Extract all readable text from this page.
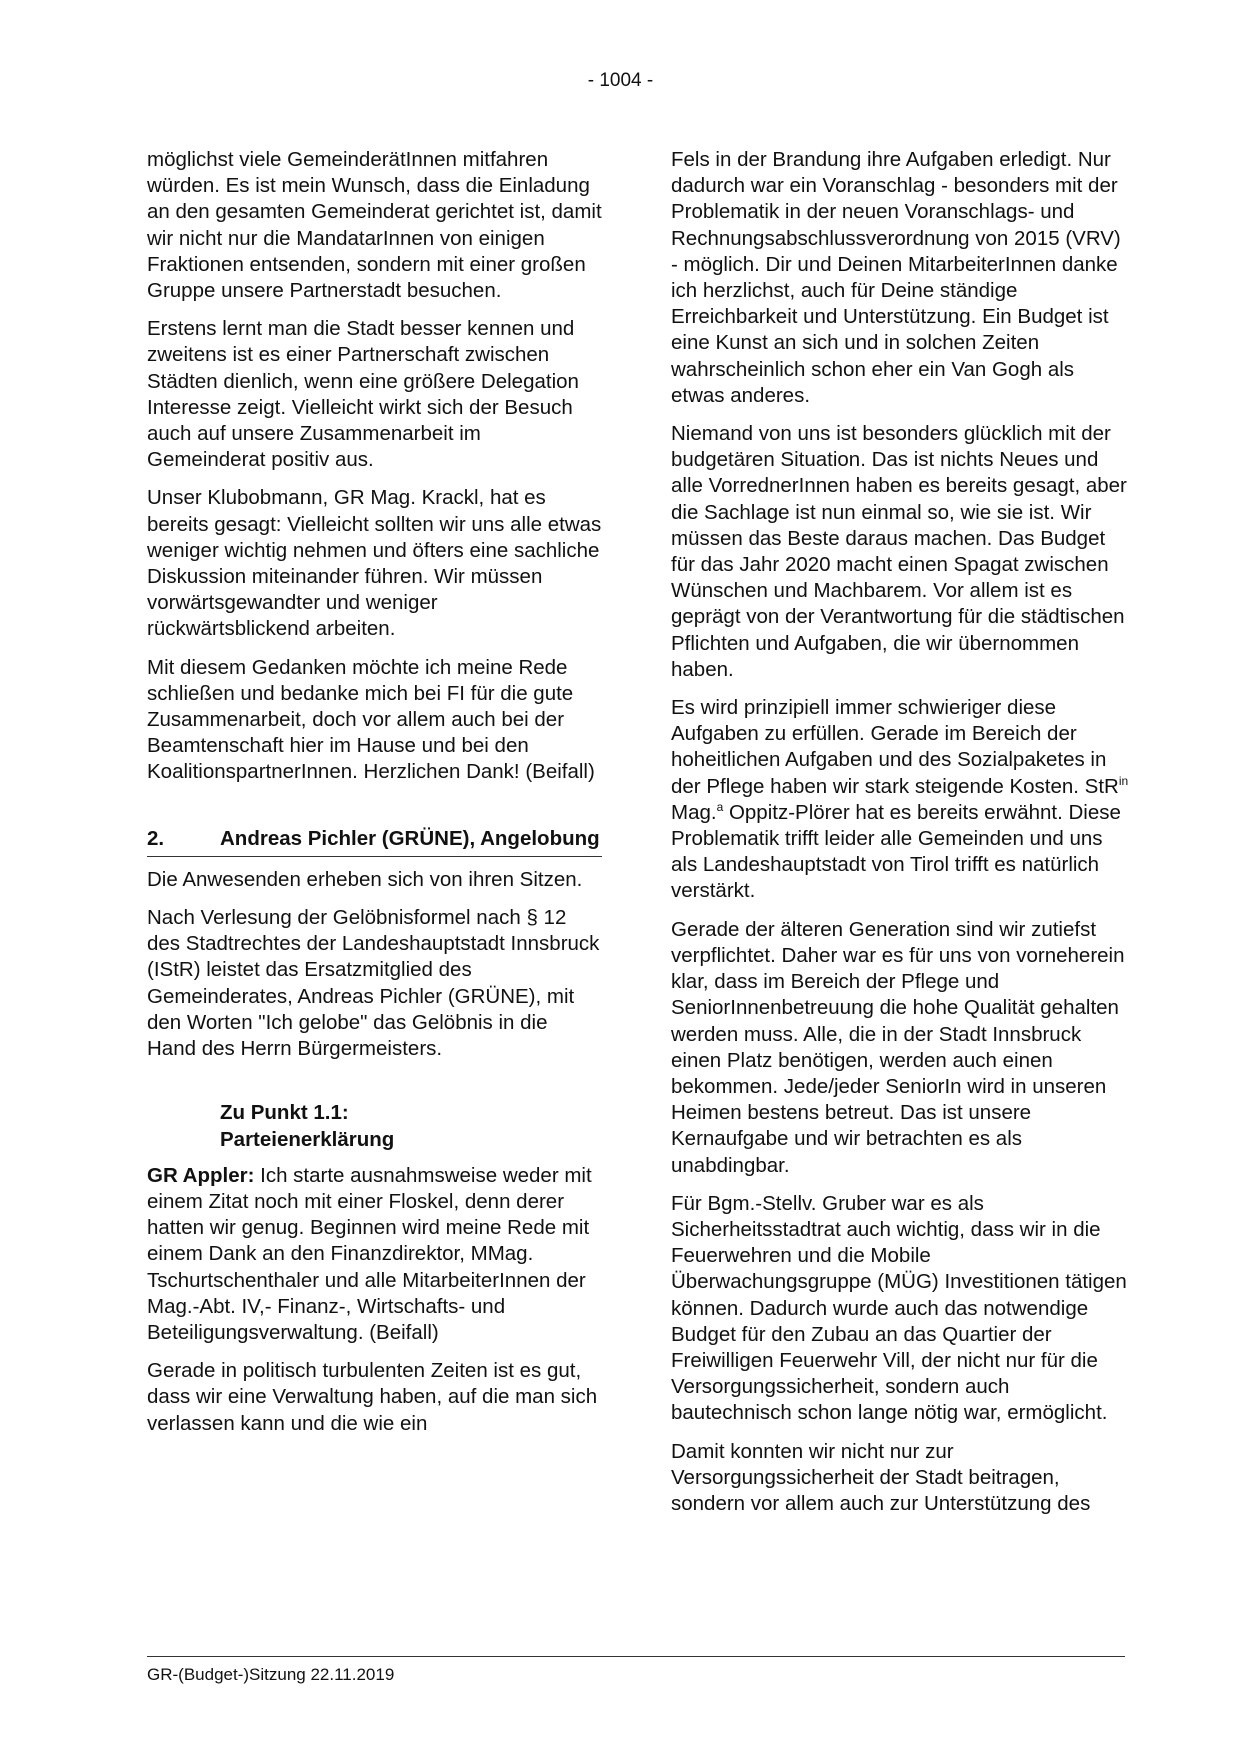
- 1004 -

möglichst viele GemeinderätInnen mitfahren würden. Es ist mein Wunsch, dass die Einladung an den gesamten Gemeinderat gerichtet ist, damit wir nicht nur die MandatarInnen von einigen Fraktionen entsenden, sondern mit einer großen Gruppe unsere Partnerstadt besuchen.

Erstens lernt man die Stadt besser kennen und zweitens ist es einer Partnerschaft zwischen Städten dienlich, wenn eine größere Delegation Interesse zeigt. Vielleicht wirkt sich der Besuch auch auf unsere Zusammenarbeit im Gemeinderat positiv aus.

Unser Klubobmann, GR Mag. Krackl, hat es bereits gesagt: Vielleicht sollten wir uns alle etwas weniger wichtig nehmen und öfters eine sachliche Diskussion miteinander führen. Wir müssen vorwärtsgewandter und weniger rückwärtsblickend arbeiten.

Mit diesem Gedanken möchte ich meine Rede schließen und bedanke mich bei FI für die gute Zusammenarbeit, doch vor allem auch bei der Beamtenschaft hier im Hause und bei den KoalitionspartnerInnen. Herzlichen Dank! (Beifall)

2.	Andreas Pichler (GRÜNE), Angelobung

Die Anwesenden erheben sich von ihren Sitzen.

Nach Verlesung der Gelöbnisformel nach § 12 des Stadtrechtes der Landeshauptstadt Innsbruck (IStR) leistet das Ersatzmitglied des Gemeinderates, Andreas Pichler (GRÜNE), mit den Worten "Ich gelobe" das Gelöbnis in die Hand des Herrn Bürgermeisters.

Zu Punkt 1.1:
Parteienerklärung

GR Appler: Ich starte ausnahmsweise weder mit einem Zitat noch mit einer Floskel, denn derer hatten wir genug. Beginnen wird meine Rede mit einem Dank an den Finanzdirektor, MMag. Tschurtschenthaler und alle MitarbeiterInnen der Mag.-Abt. IV,- Finanz-, Wirtschafts- und Beteiligungsverwaltung. (Beifall)

Gerade in politisch turbulenten Zeiten ist es gut, dass wir eine Verwaltung haben, auf die man sich verlassen kann und die wie ein

Fels in der Brandung ihre Aufgaben erledigt. Nur dadurch war ein Voranschlag - besonders mit der Problematik in der neuen Voranschlags- und Rechnungsabschlussverordnung von 2015 (VRV) - möglich. Dir und Deinen MitarbeiterInnen danke ich herzlichst, auch für Deine ständige Erreichbarkeit und Unterstützung. Ein Budget ist eine Kunst an sich und in solchen Zeiten wahrscheinlich schon eher ein Van Gogh als etwas anderes.

Niemand von uns ist besonders glücklich mit der budgetären Situation. Das ist nichts Neues und alle VorrednerInnen haben es bereits gesagt, aber die Sachlage ist nun einmal so, wie sie ist. Wir müssen das Beste daraus machen. Das Budget für das Jahr 2020 macht einen Spagat zwischen Wünschen und Machbarem. Vor allem ist es geprägt von der Verantwortung für die städtischen Pflichten und Aufgaben, die wir übernommen haben.

Es wird prinzipiell immer schwieriger diese Aufgaben zu erfüllen. Gerade im Bereich der hoheitlichen Aufgaben und des Sozialpaketes in der Pflege haben wir stark steigende Kosten. StR$^{in}$ Mag.$^a$ Oppitz-Plörer hat es bereits erwähnt. Diese Problematik trifft leider alle Gemeinden und uns als Landeshauptstadt von Tirol trifft es natürlich verstärkt.

Gerade der älteren Generation sind wir zutiefst verpflichtet. Daher war es für uns von vorneherein klar, dass im Bereich der Pflege und SeniorInnenbetreuung die hohe Qualität gehalten werden muss. Alle, die in der Stadt Innsbruck einen Platz benötigen, werden auch einen bekommen. Jede/jeder SeniorIn wird in unseren Heimen bestens betreut. Das ist unsere Kernaufgabe und wir betrachten es als unabdingbar.

Für Bgm.-Stellv. Gruber war es als Sicherheitsstadtrat auch wichtig, dass wir in die Feuerwehren und die Mobile Überwachungsgruppe (MÜG) Investitionen tätigen können. Dadurch wurde auch das notwendige Budget für den Zubau an das Quartier der Freiwilligen Feuerwehr Vill, der nicht nur für die Versorgungssicherheit, sondern auch bautechnisch schon lange nötig war, ermöglicht.

Damit konnten wir nicht nur zur Versorgungssicherheit der Stadt beitragen, sondern vor allem auch zur Unterstützung des

GR-(Budget-)Sitzung 22.11.2019
